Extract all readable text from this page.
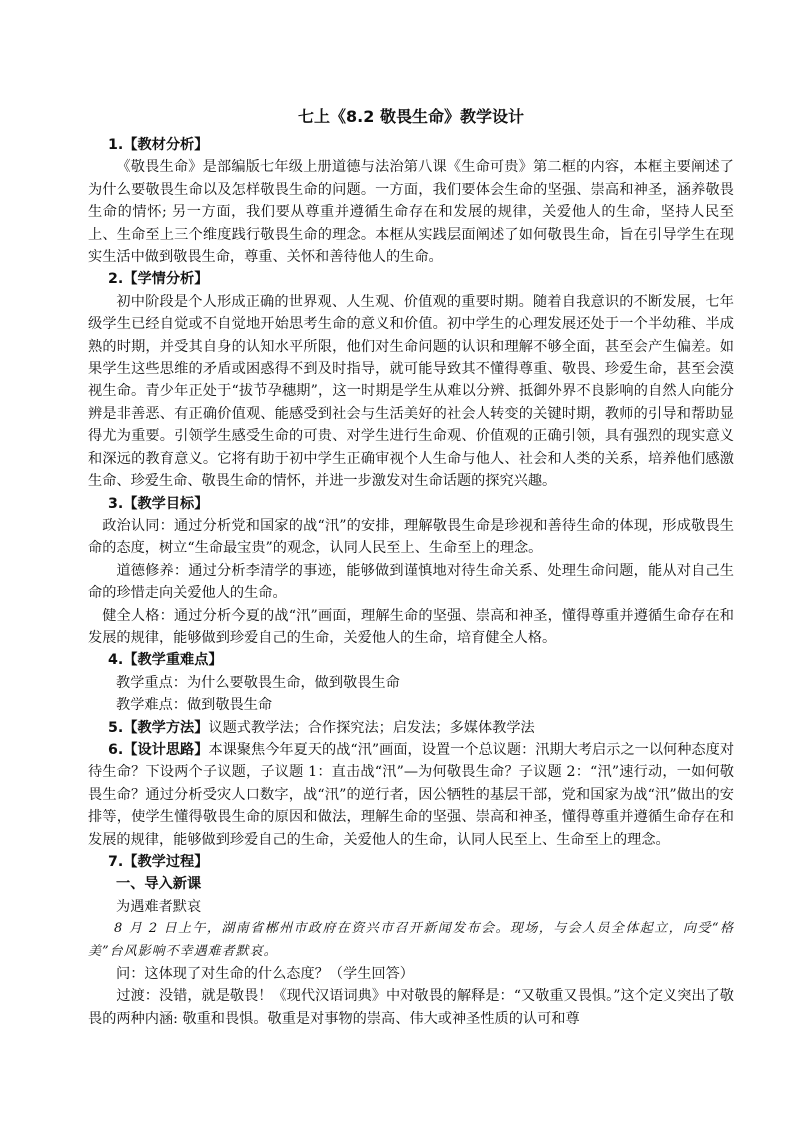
七上《8.2 敬畏生命》教学设计

1.【教材分析】

《敬畏生命》是部编版七年级上册道德与法治第八课《生命可贵》第二框的内容，本框主要阐述了为什么要敬畏生命以及怎样敬畏生命的问题。一方面，我们要体会生命的坚强、崇高和神圣，涵养敬畏生命的情怀; 另一方面，我们要从尊重并遵循生命存在和发展的规律，关爱他人的生命，坚持人民至上、生命至上三个维度践行敬畏生命的理念。本框从实践层面阐述了如何敬畏生命，旨在引导学生在现实生活中做到敬畏生命，尊重、关怀和善待他人的生命。

2.【学情分析】

初中阶段是个人形成正确的世界观、人生观、价值观的重要时期。随着自我意识的不断发展，七年级学生已经自觉或不自觉地开始思考生命的意义和价值。初中学生的心理发展还处于一个半幼稚、半成熟的时期，并受其自身的认知水平所限，他们对生命问题的认识和理解不够全面，甚至会产生偏差。如果学生这些思维的矛盾或困惑得不到及时指导，就可能导致其不懂得尊重、敬畏、珍爱生命，甚至会漠视生命。青少年正处于“拔节孕穗期”，这一时期是学生从难以分辨、抵御外界不良影响的自然人向能分辨是非善恶、有正确价值观、能感受到社会与生活美好的社会人转变的关键时期，教师的引导和帮助显得尤为重要。引领学生感受生命的可贵、对学生进行生命观、价值观的正确引领，具有强烈的现实意义和深远的教育意义。它将有助于初中学生正确审视个人生命与他人、社会和人类的关系，培养他们感激生命、珍爱生命、敬畏生命的情怀，并进一步激发对生命话题的探究兴趣。

3.【教学目标】

政治认同：通过分析党和国家的战“汛”的安排，理解敬畏生命是珍视和善待生命的体现，形成敬畏生命的态度，树立“生命最宝贵”的观念，认同人民至上、生命至上的理念。

道德修养：通过分析李清学的事迹，能够做到谨慎地对待生命关系、处理生命问题，能从对自己生命的珍惜走向关爱他人的生命。

健全人格：通过分析今夏的战“汛”画面，理解生命的坚强、崇高和神圣，懂得尊重并遵循生命存在和发展的规律，能够做到珍爱自己的生命，关爱他人的生命，培育健全人格。

4.【教学重难点】

教学重点：为什么要敬畏生命，做到敬畏生命

教学难点：做到敬畏生命

5.【教学方法】议题式教学法；合作探究法；启发法；多媒体教学法

6.【设计思路】本课聚焦今年夏天的战“汛”画面，设置一个总议题：汛期大考启示之一以何种态度对待生命？下设两个子议题，子议题 1：直击战“汛”—为何敬畏生命？子议题 2：“汛”速行动，一如何敬畏生命？通过分析受灾人口数字，战“汛”的逆行者，因公牺牲的基层干部，党和国家为战“汛”做出的安排等，使学生懂得敬畏生命的原因和做法，理解生命的坚强、崇高和神圣，懂得尊重并遵循生命存在和发展的规律，能够做到珍爱自己的生命，关爱他人的生命，认同人民至上、生命至上的理念。

7.【教学过程】

一、导入新课

为遇难者默哀

8 月 2 日上午，湖南省郴州市政府在资兴市召开新闻发布会。现场，与会人员全体起立，向受“格美”台风影响不幸遇难者默哀。

问：这体现了对生命的什么态度？（学生回答）

过渡：没错，就是敬畏！《现代汉语词典》中对敬畏的解释是：“又敬重又畏惧。”这个定义突出了敬畏的两种内涵: 敬重和畏惧。敬重是对事物的崇高、伟大或神圣性质的认可和尊
